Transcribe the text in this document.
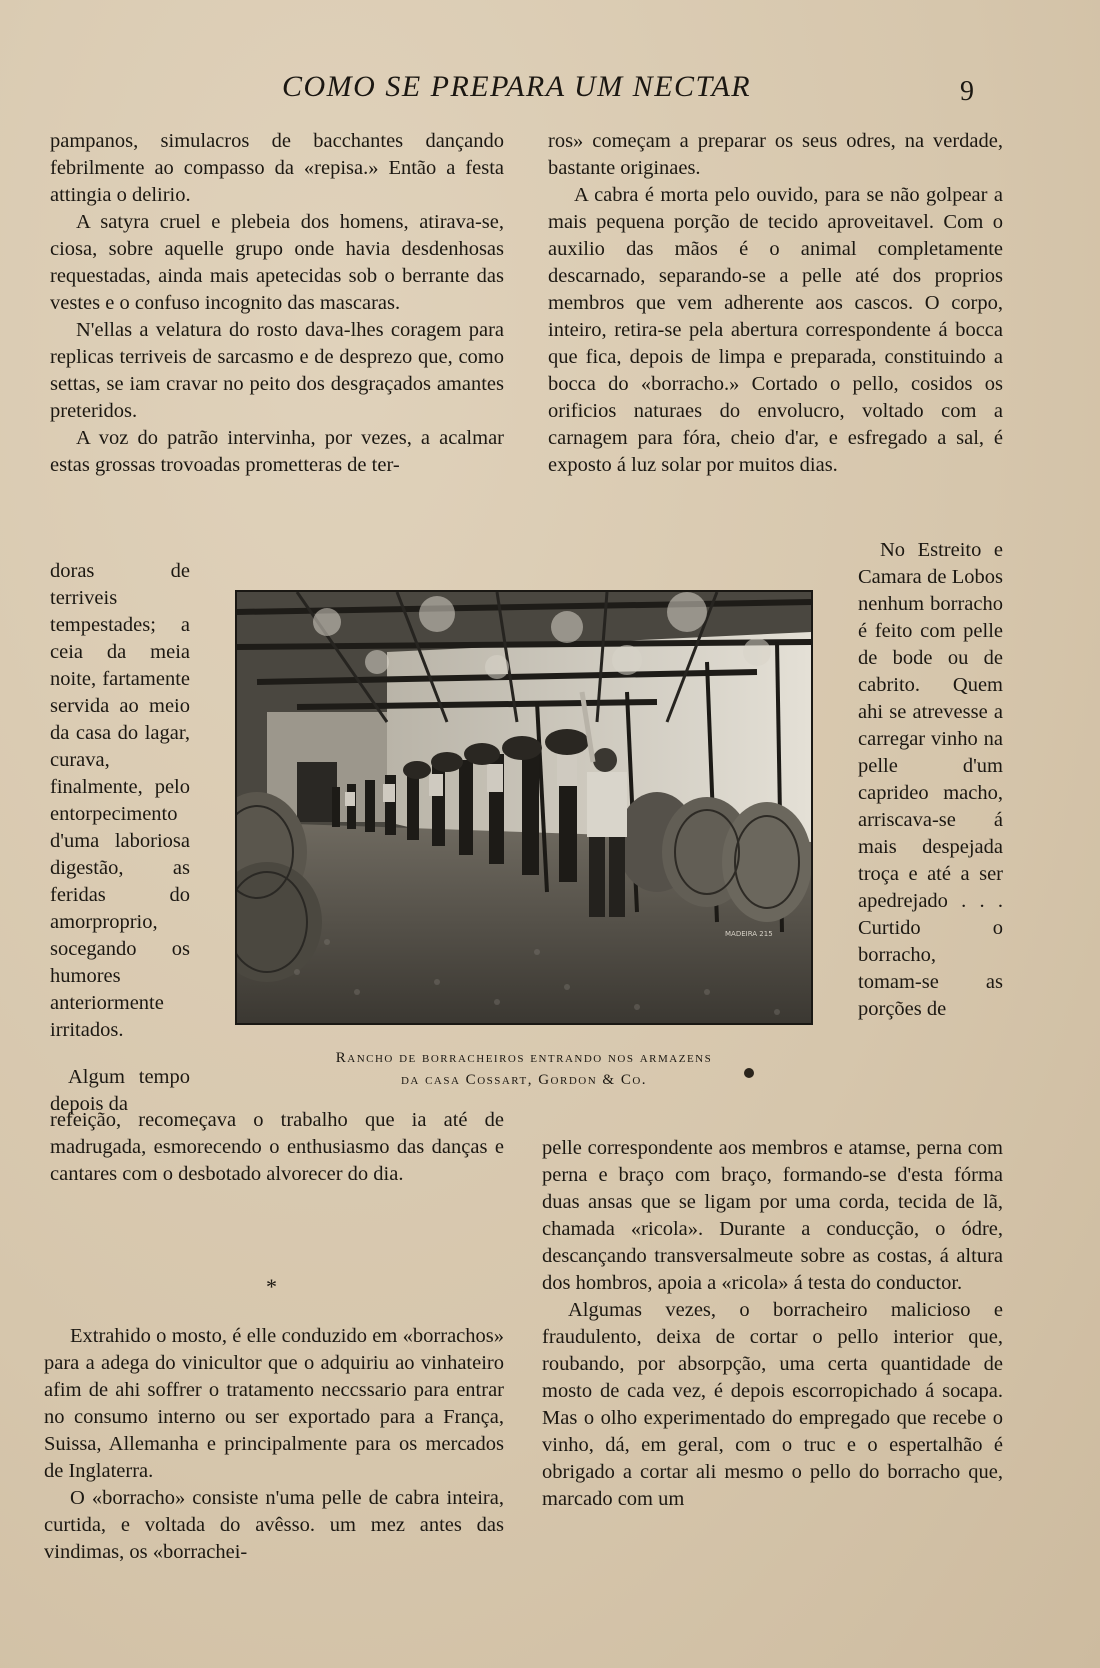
COMO SE PREPARA UM NECTAR	9

pampanos, simulacros de bacchantes dançando febrilmente ao compasso da «repisa.» Então a festa attingia o delirio.

A satyra cruel e plebeia dos homens, atirava-se, ciosa, sobre aquelle grupo onde havia desdenhosas requestadas, ainda mais apetecidas sob o berrante das vestes e o confuso incognito das mascaras.

N'ellas a velatura do rosto dava-lhes coragem para replicas terriveis de sarcasmo e de desprezo que, como settas, se iam cravar no peito dos desgraçados amantes preteridos.

A voz do patrão intervinha, por vezes, a acalmar estas grossas trovoadas prometteras de ter-

doras de terriveis tempestades; a ceia da meia noite, fartamente servida ao meio da casa do lagar, curava, finalmente, pelo entorpecimento d'uma laboriosa digestão, as feridas do amorproprio, socegando os humores anteriormente irritados.

Algum tempo depois da

ros» começam a preparar os seus odres, na verdade, bastante originaes.

A cabra é morta pelo ouvido, para se não golpear a mais pequena porção de tecido aproveitavel. Com o auxilio das mãos é o animal completamente descarnado, separando-se a pelle até dos proprios membros que vem adherente aos cascos. O corpo, inteiro, retira-se pela abertura correspondente á bocca que fica, depois de limpa e preparada, constituindo a bocca do «borracho.» Cortado o pello, cosidos os orificios naturaes do envolucro, voltado com a carnagem para fóra, cheio d'ar, e esfregado a sal, é exposto á luz solar por muitos dias.

No Estreito e Camara de Lobos nenhum borracho é feito com pelle de bode ou de cabrito. Quem ahi se atrevesse a carregar vinho na pelle d'um caprideo macho, arriscava-se á mais despejada troça e até a ser apedrejado . . . Curtido o borracho, tomam-se as porções de

MADEIRA 215
Rancho de borracheiros entrando nos armazens
da casa Cossart, Gordon & Co.

refeição, recomeçava o trabalho que ia até de madrugada, esmorecendo o enthusiasmo das danças e cantares com o desbotado alvorecer do dia.

*

Extrahido o mosto, é elle conduzido em «borrachos» para a adega do vinicultor que o adquiriu ao vinhateiro afim de ahi soffrer o tratamento neccssario para entrar no consumo interno ou ser exportado para a França, Suissa, Allemanha e principalmente para os mercados de Inglaterra.

O «borracho» consiste n'uma pelle de cabra inteira, curtida, e voltada do avêsso. um mez antes das vindimas, os «borrachei-

pelle correspondente aos membros e atamse, perna com perna e braço com braço, formando-se d'esta fórma duas ansas que se ligam por uma corda, tecida de lã, chamada «ricola». Durante a conducção, o ódre, descançando transversalmeute sobre as costas, á altura dos hombros, apoia a «ricola» á testa do conductor.

Algumas vezes, o borracheiro malicioso e fraudulento, deixa de cortar o pello interior que, roubando, por absorpção, uma certa quantidade de mosto de cada vez, é depois escorropichado á socapa. Mas o olho experimentado do empregado que recebe o vinho, dá, em geral, com o truc e o espertalhão é obrigado a cortar ali mesmo o pello do borracho que, marcado com um
